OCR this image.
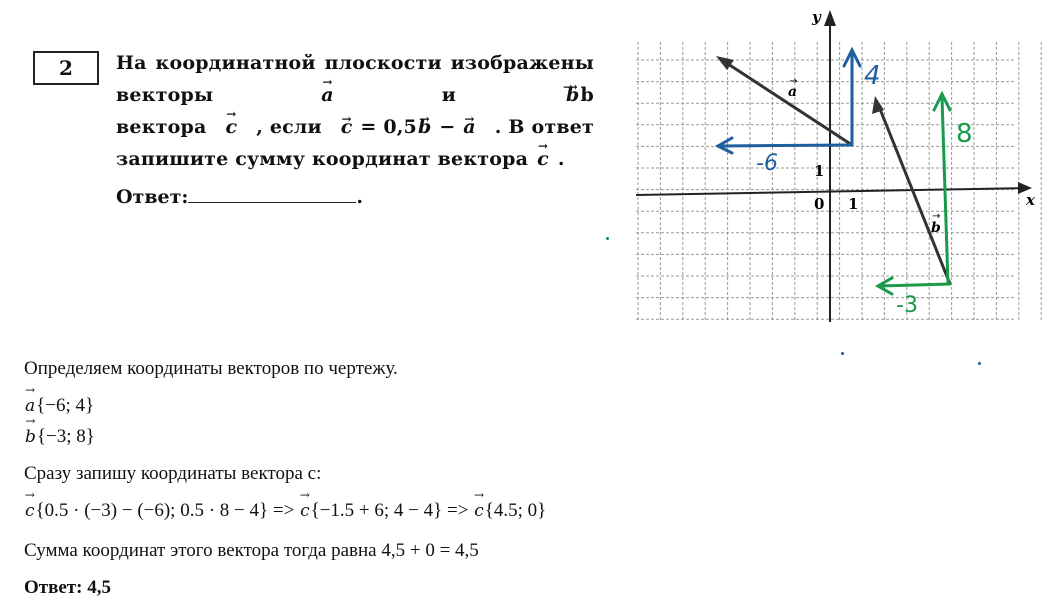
2 На координатной плоскости изображены
векторы	→ a	и →	→ bb
вектора → c , если → c = 0,5→ b − → a . В ответ
запишите сумму координат вектора → c .
Ответ:	.	x
y
0 1
1
a
→
b
→
4
-6
8
-3
Определяем координаты векторов по чертежу.
→ a{−6; 4}
→ b{−3; 8}
Сразу запишу координаты вектора с:
→ c{0.5 · (−3) − (−6); 0.5 · 8 − 4} => → c{−1.5 + 6; 4 − 4} => → c{4.5; 0}
Сумма координат этого вектора тогда равна 4,5 + 0 = 4,5
Ответ: 4,5
